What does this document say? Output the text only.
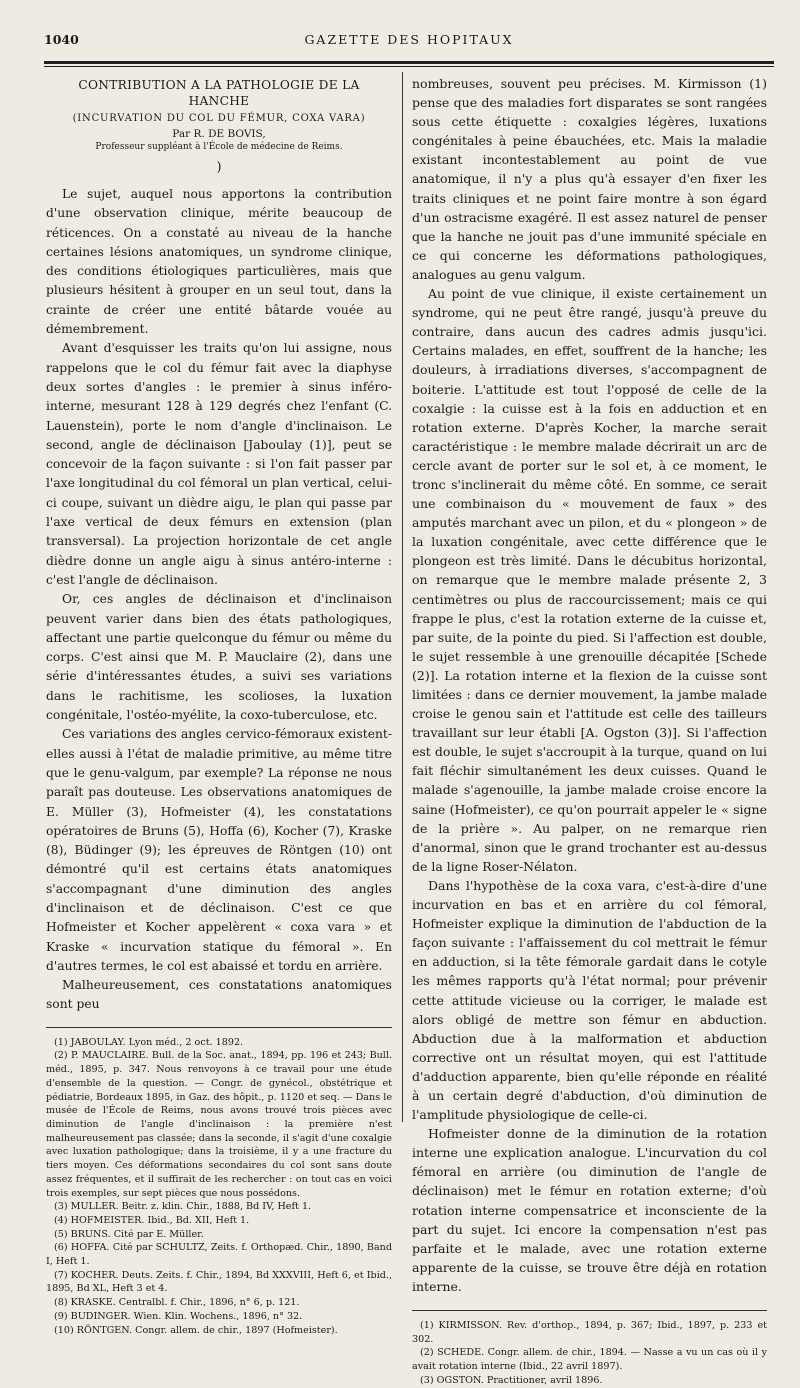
1040	GAZETTE DES HOPITAUX
CONTRIBUTION A LA PATHOLOGIE DE LA HANCHE
(INCURVATION DU COL DU FÉMUR, COXA VARA)
Par R. DE BOVIS,
Professeur suppléant à l'École de médecine de Reims.
)

Le sujet, auquel nous apportons la contribution d'une observation clinique, mérite beaucoup de réticences. On a constaté au niveau de la hanche certaines lésions anatomiques, un syndrome clinique, des conditions étiologiques particulières, mais que plusieurs hésitent à grouper en un seul tout, dans la crainte de créer une entité bâtarde vouée au démembrement.

Avant d'esquisser les traits qu'on lui assigne, nous rappelons que le col du fémur fait avec la diaphyse deux sortes d'angles : le premier à sinus inféro-interne, mesurant 128 à 129 degrés chez l'enfant (C. Lauenstein), porte le nom d'angle d'inclinaison. Le second, angle de déclinaison [Jaboulay (1)], peut se concevoir de la façon suivante : si l'on fait passer par l'axe longitudinal du col fémoral un plan vertical, celui-ci coupe, suivant un dièdre aigu, le plan qui passe par l'axe vertical de deux fémurs en extension (plan transversal). La projection horizontale de cet angle dièdre donne un angle aigu à sinus antéro-interne : c'est l'angle de déclinaison.

Or, ces angles de déclinaison et d'inclinaison peuvent varier dans bien des états pathologiques, affectant une partie quelconque du fémur ou même du corps. C'est ainsi que M. P. Mauclaire (2), dans une série d'intéressantes études, a suivi ses variations dans le rachitisme, les scolioses, la luxation congénitale, l'ostéo-myélite, la coxo-tuberculose, etc.

Ces variations des angles cervico-fémoraux existent-elles aussi à l'état de maladie primitive, au même titre que le genu-valgum, par exemple? La réponse ne nous paraît pas douteuse. Les observations anatomiques de E. Müller (3), Hofmeister (4), les constatations opératoires de Bruns (5), Hoffa (6), Kocher (7), Kraske (8), Büdinger (9); les épreuves de Röntgen (10) ont démontré qu'il est certains états anatomiques s'accompagnant d'une diminution des angles d'inclinaison et de déclinaison. C'est ce que Hofmeister et Kocher appelèrent « coxa vara » et Kraske « incurvation statique du fémoral ». En d'autres termes, le col est abaissé et tordu en arrière.

Malheureusement, ces constatations anatomiques sont peu

(1) JABOULAY. Lyon méd., 2 oct. 1892.

(2) P. MAUCLAIRE. Bull. de la Soc. anat., 1894, pp. 196 et 243; Bull. méd., 1895, p. 347. Nous renvoyons à ce travail pour une étude d'ensemble de la question. — Congr. de gynécol., obstétrique et pédiatrie, Bordeaux 1895, in Gaz. des hôpit., p. 1120 et seq. — Dans le musée de l'École de Reims, nous avons trouvé trois pièces avec diminution de l'angle d'inclinaison : la première n'est malheureusement pas classée; dans la seconde, il s'agit d'une coxalgie avec luxation pathologique; dans la troisième, il y a une fracture du tiers moyen. Ces déformations secondaires du col sont sans doute assez fréquentes, et il suffirait de les rechercher : on tout cas en voici trois exemples, sur sept pièces que nous possédons.

(3) MULLER. Beitr. z. klin. Chir., 1888, Bd IV, Heft 1.

(4) HOFMEISTER. Ibid., Bd. XII, Heft 1.

(5) BRUNS. Cité par E. Müller.

(6) HOFFA. Cité par SCHULTZ, Zeits. f. Orthopæd. Chir., 1890, Band I, Heft 1.

(7) KOCHER. Deuts. Zeits. f. Chir., 1894, Bd XXXVIII, Heft 6, et Ibid., 1895, Bd XL, Heft 3 et 4.

(8) KRASKE. Centralbl. f. Chir., 1896, n° 6, p. 121.

(9) BUDINGER. Wien. Klin. Wochens., 1896, n° 32.

(10) RÖNTGEN. Congr. allem. de chir., 1897 (Hofmeister).

nombreuses, souvent peu précises. M. Kirmisson (1) pense que des maladies fort disparates se sont rangées sous cette étiquette : coxalgies légères, luxations congénitales à peine ébauchées, etc. Mais la maladie existant incontestablement au point de vue anatomique, il n'y a plus qu'à essayer d'en fixer les traits cliniques et ne point faire montre à son égard d'un ostracisme exagéré. Il est assez naturel de penser que la hanche ne jouit pas d'une immunité spéciale en ce qui concerne les déformations pathologiques, analogues au genu valgum.

Au point de vue clinique, il existe certainement un syndrome, qui ne peut être rangé, jusqu'à preuve du contraire, dans aucun des cadres admis jusqu'ici. Certains malades, en effet, souffrent de la hanche; les douleurs, à irradiations diverses, s'accompagnent de boiterie. L'attitude est tout l'opposé de celle de la coxalgie : la cuisse est à la fois en adduction et en rotation externe. D'après Kocher, la marche serait caractéristique : le membre malade décrirait un arc de cercle avant de porter sur le sol et, à ce moment, le tronc s'inclinerait du même côté. En somme, ce serait une combinaison du « mouvement de faux » des amputés marchant avec un pilon, et du « plongeon » de la luxation congénitale, avec cette différence que le plongeon est très limité. Dans le décubitus horizontal, on remarque que le membre malade présente 2, 3 centimètres ou plus de raccourcissement; mais ce qui frappe le plus, c'est la rotation externe de la cuisse et, par suite, de la pointe du pied. Si l'affection est double, le sujet ressemble à une grenouille décapitée [Schede (2)]. La rotation interne et la flexion de la cuisse sont limitées : dans ce dernier mouvement, la jambe malade croise le genou sain et l'attitude est celle des tailleurs travaillant sur leur établi [A. Ogston (3)]. Si l'affection est double, le sujet s'accroupit à la turque, quand on lui fait fléchir simultanément les deux cuisses. Quand le malade s'agenouille, la jambe malade croise encore la saine (Hofmeister), ce qu'on pourrait appeler le « signe de la prière ». Au palper, on ne remarque rien d'anormal, sinon que le grand trochanter est au-dessus de la ligne Roser-Nélaton.

Dans l'hypothèse de la coxa vara, c'est-à-dire d'une incurvation en bas et en arrière du col fémoral, Hofmeister explique la diminution de l'abduction de la façon suivante : l'affaissement du col mettrait le fémur en adduction, si la tête fémorale gardait dans le cotyle les mêmes rapports qu'à l'état normal; pour prévenir cette attitude vicieuse ou la corriger, le malade est alors obligé de mettre son fémur en abduction. Abduction due à la malformation et abduction corrective ont un résultat moyen, qui est l'attitude d'adduction apparente, bien qu'elle réponde en réalité à un certain degré d'abduction, d'où diminution de l'amplitude physiologique de celle-ci.

Hofmeister donne de la diminution de la rotation interne une explication analogue. L'incurvation du col fémoral en arrière (ou diminution de l'angle de déclinaison) met le fémur en rotation externe; d'où rotation interne compensatrice et inconsciente de la part du sujet. Ici encore la compensation n'est pas parfaite et le malade, avec une rotation externe apparente de la cuisse, se trouve être déjà en rotation interne.

(1) KIRMISSON. Rev. d'orthop., 1894, p. 367; Ibid., 1897, p. 233 et 302.

(2) SCHEDE. Congr. allem. de chir., 1894. — Nasse a vu un cas où il y avait rotation interne (Ibid., 22 avril 1897).

(3) OGSTON. Practitioner, avril 1896.
